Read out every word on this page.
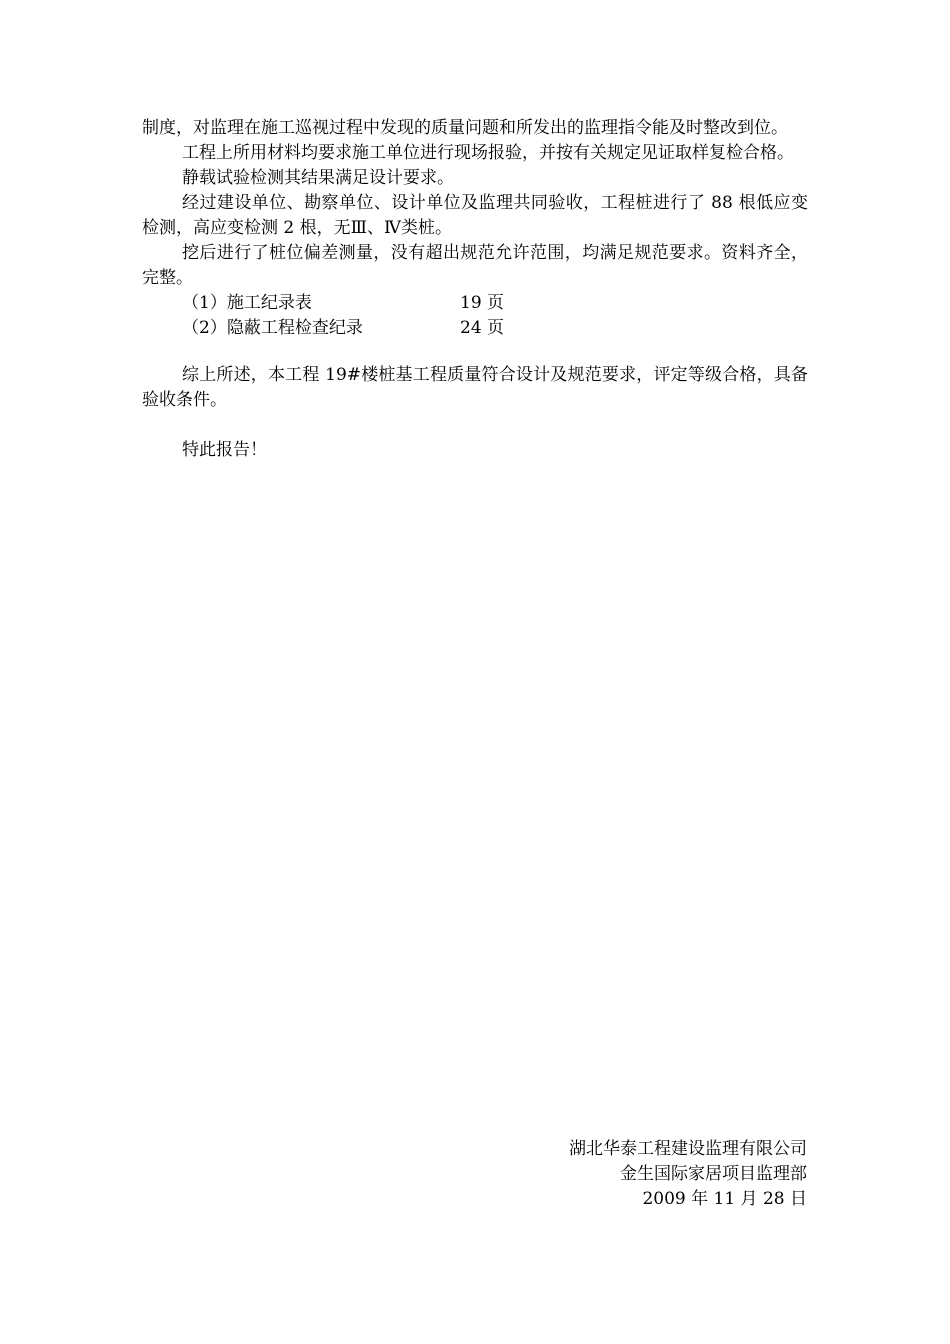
制度，对监理在施工巡视过程中发现的质量问题和所发出的监理指令能及时整改到位。

工程上所用材料均要求施工单位进行现场报验，并按有关规定见证取样复检合格。

静载试验检测其结果满足设计要求。

经过建设单位、勘察单位、设计单位及监理共同验收，工程桩进行了 88 根低应变检测，高应变检测 2 根，无Ⅲ、Ⅳ类桩。

挖后进行了桩位偏差测量，没有超出规范允许范围，均满足规范要求。资料齐全，完整。

（1）施工纪录表	19 页
（2）隐蔽工程检查纪录	24 页

综上所述，本工程 19#楼桩基工程质量符合设计及规范要求，评定等级合格，具备验收条件。

特此报告！

湖北华泰工程建设监理有限公司
金生国际家居项目监理部
2009 年 11 月 28 日
